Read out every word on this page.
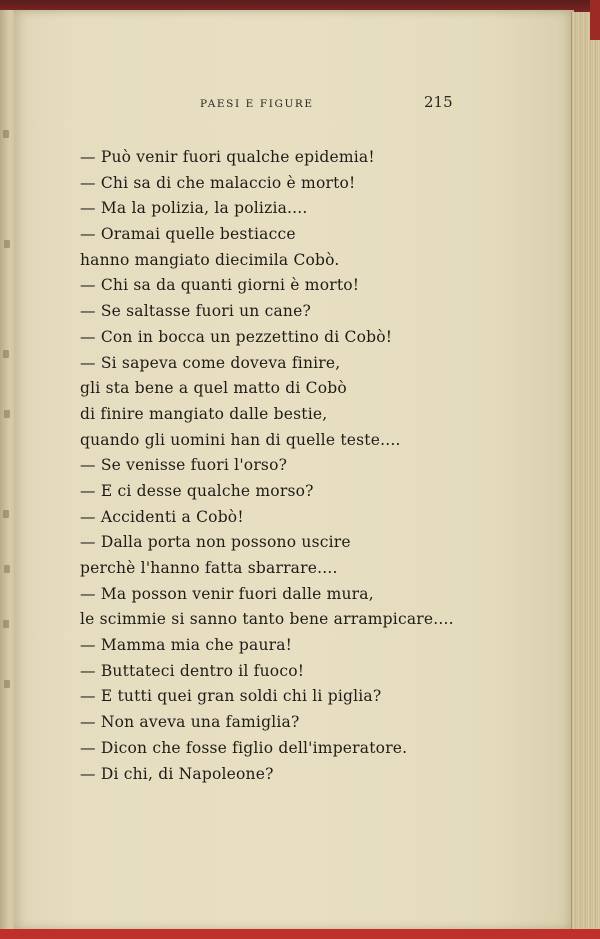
PAESI E FIGURE	215
— Può venir fuori qualche epidemia!
— Chi sa di che malaccio è morto!
— Ma la polizia, la polizia....
— Oramai quelle bestiacce
hanno mangiato diecimila Cobò.
— Chi sa da quanti giorni è morto!
— Se saltasse fuori un cane?
— Con in bocca un pezzettino di Cobò!
— Si sapeva come doveva finire,
gli sta bene a quel matto di Cobò
di finire mangiato dalle bestie,
quando gli uomini han di quelle teste....
— Se venisse fuori l'orso?
— E ci desse qualche morso?
— Accidenti a Cobò!
— Dalla porta non possono uscire
perchè l'hanno fatta sbarrare....
— Ma posson venir fuori dalle mura,
le scimmie si sanno tanto bene arrampicare....
— Mamma mia che paura!
— Buttateci dentro il fuoco!
— E tutti quei gran soldi chi li piglia?
— Non aveva una famiglia?
— Dicon che fosse figlio dell'imperatore.
— Di chi, di Napoleone?
